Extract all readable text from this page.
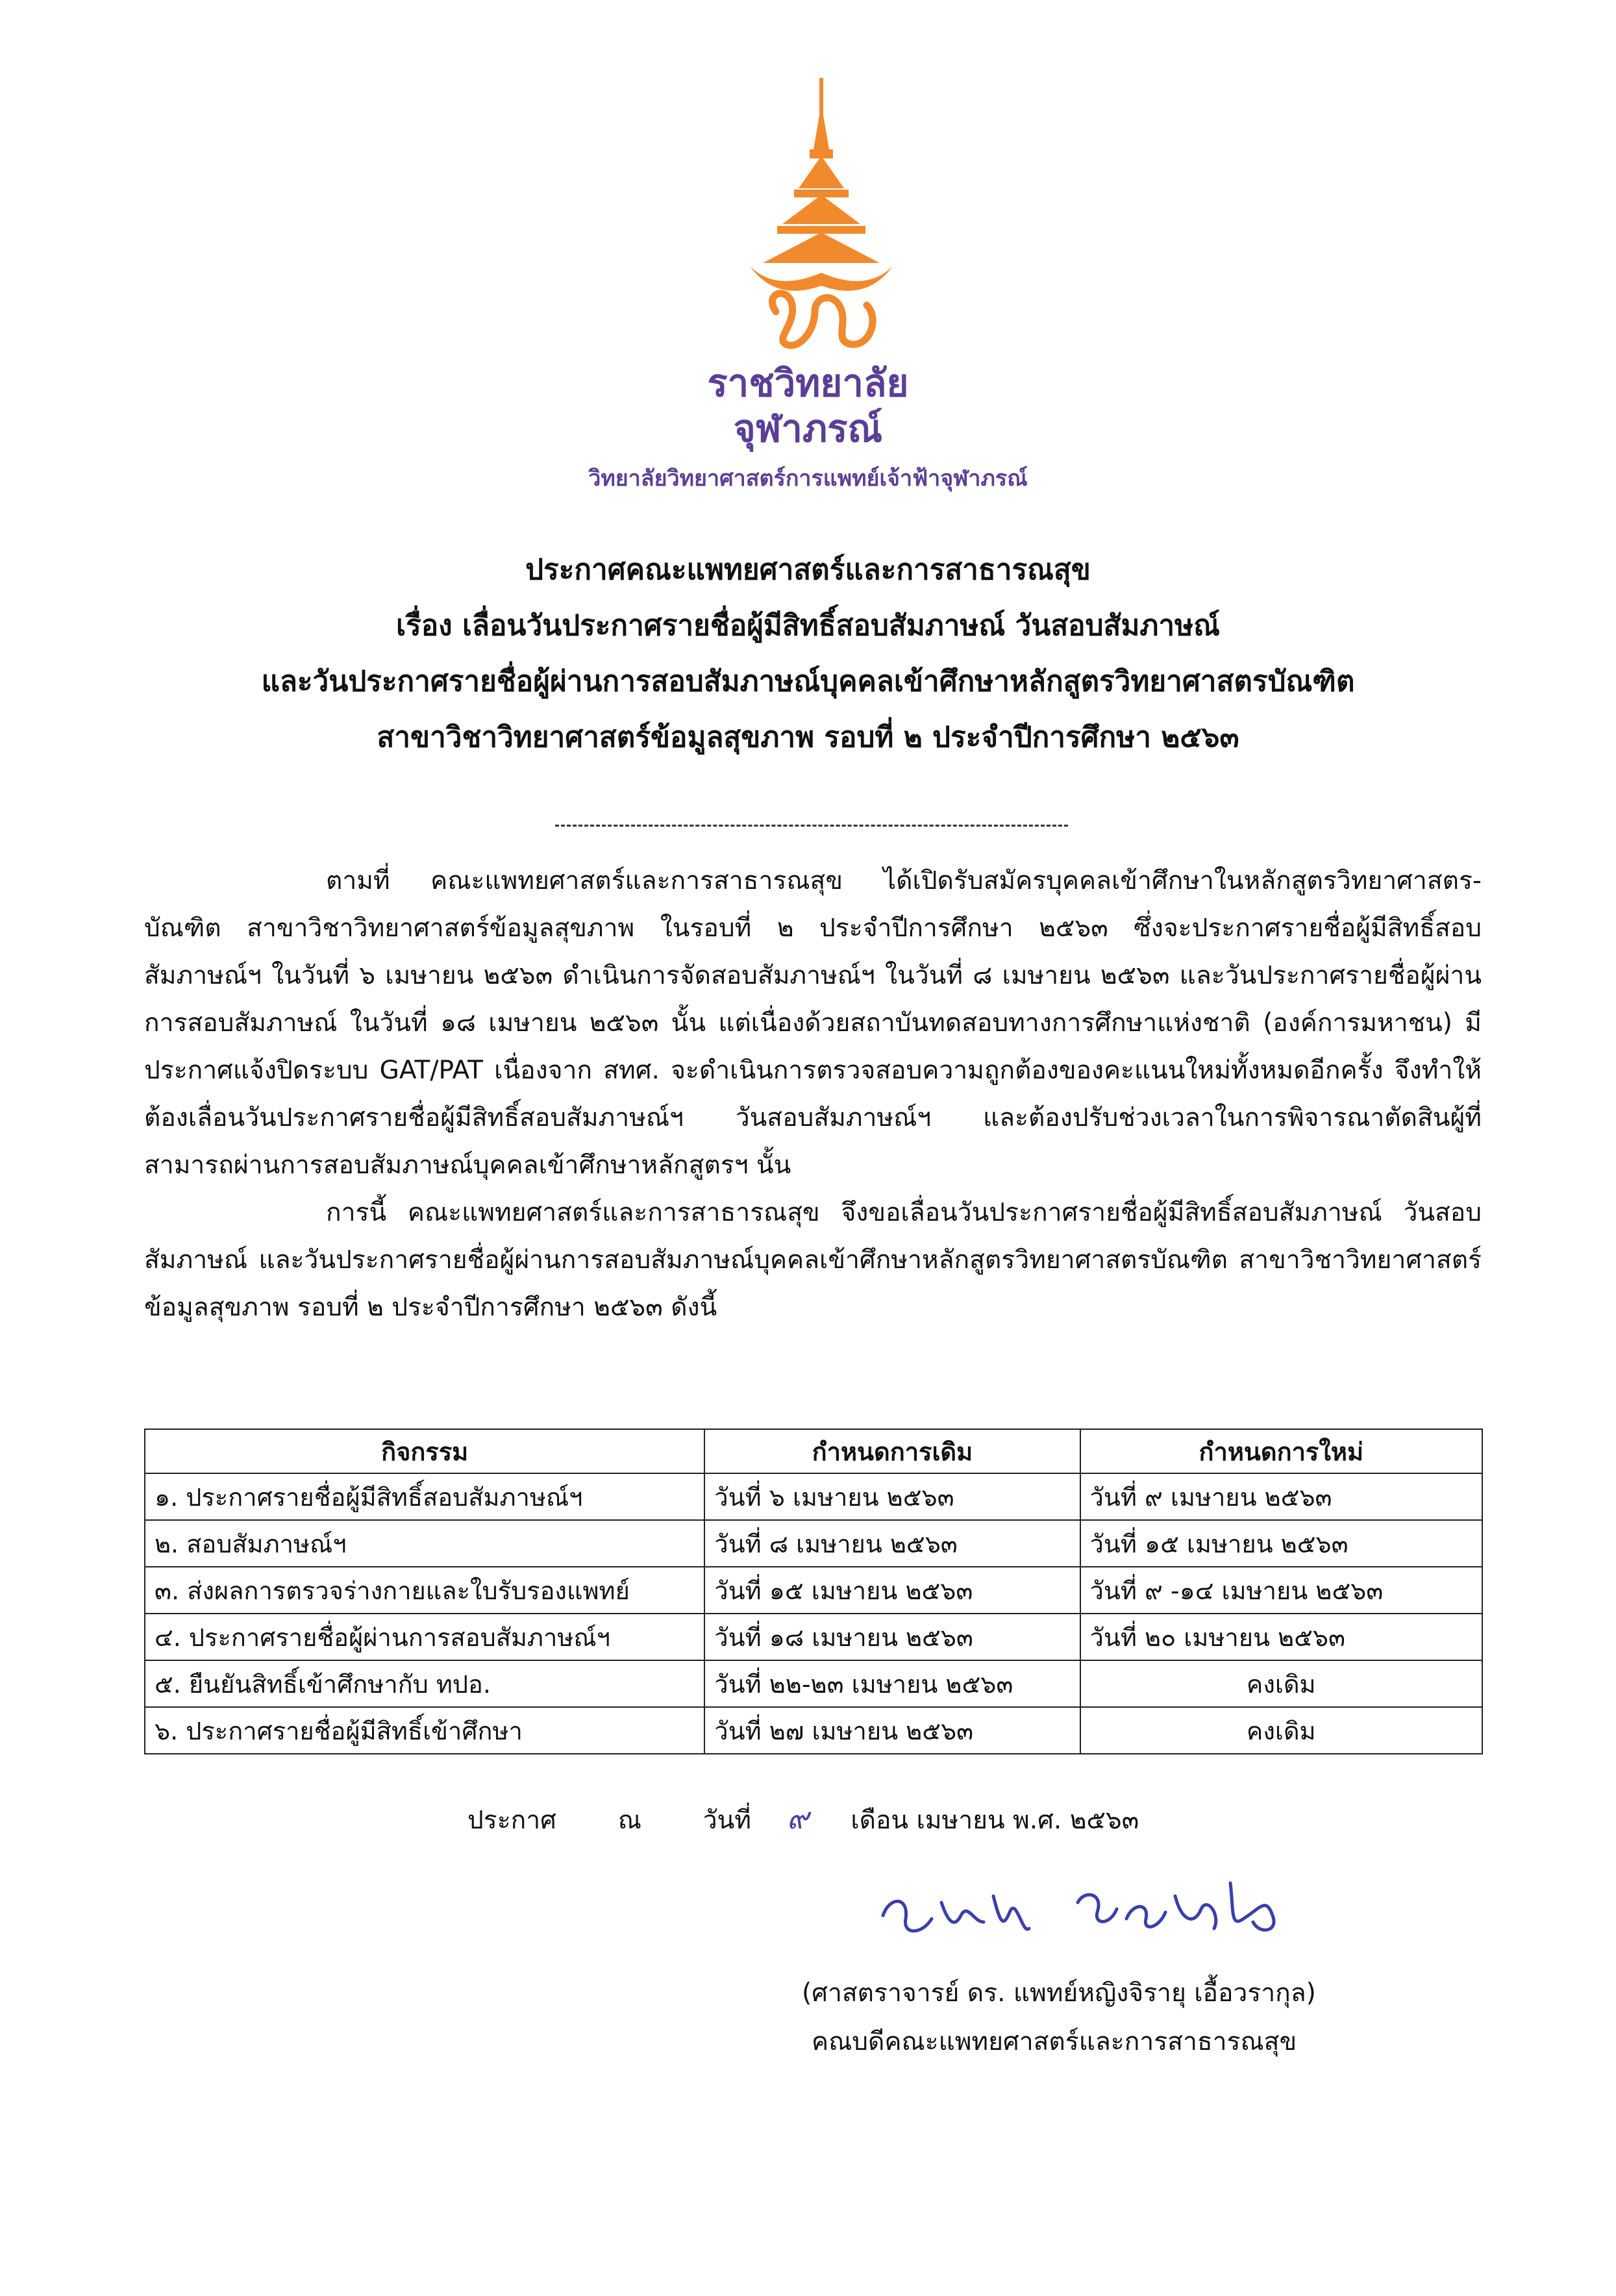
ราชวิทยาลัย
จุฬาภรณ์
วิทยาลัยวิทยาศาสตร์การแพทย์เจ้าฟ้าจุฬาภรณ์
ประกาศคณะแพทยศาสตร์และการสาธารณสุข
เรื่อง เลื่อนวันประกาศรายชื่อผู้มีสิทธิ์สอบสัมภาษณ์ วันสอบสัมภาษณ์
และวันประกาศรายชื่อผู้ผ่านการสอบสัมภาษณ์บุคคลเข้าศึกษาหลักสูตรวิทยาศาสตรบัณฑิต
สาขาวิชาวิทยาศาสตร์ข้อมูลสุขภาพ รอบที่ ๒ ประจำปีการศึกษา ๒๕๖๓

ตามที่ คณะแพทยศาสตร์และการสาธารณสุข ได้เปิดรับสมัครบุคคลเข้าศึกษาในหลักสูตรวิทยาศาสตร-บัณฑิต สาขาวิชาวิทยาศาสตร์ข้อมูลสุขภาพ ในรอบที่ ๒ ประจำปีการศึกษา ๒๕๖๓ ซึ่งจะประกาศรายชื่อผู้มีสิทธิ์สอบสัมภาษณ์ฯ ในวันที่ ๖ เมษายน ๒๕๖๓ ดำเนินการจัดสอบสัมภาษณ์ฯ ในวันที่ ๘ เมษายน ๒๕๖๓ และวันประกาศรายชื่อผู้ผ่านการสอบสัมภาษณ์ ในวันที่ ๑๘ เมษายน ๒๕๖๓ นั้น แต่เนื่องด้วยสถาบันทดสอบทางการศึกษาแห่งชาติ (องค์การมหาชน) มีประกาศแจ้งปิดระบบ GAT/PAT เนื่องจาก สทศ. จะดำเนินการตรวจสอบความถูกต้องของคะแนนใหม่ทั้งหมดอีกครั้ง จึงทำให้ต้องเลื่อนวันประกาศรายชื่อผู้มีสิทธิ์สอบสัมภาษณ์ฯ วันสอบสัมภาษณ์ฯ และต้องปรับช่วงเวลาในการพิจารณาตัดสินผู้ที่สามารถผ่านการสอบสัมภาษณ์บุคคลเข้าศึกษาหลักสูตรฯ นั้น

การนี้ คณะแพทยศาสตร์และการสาธารณสุข จึงขอเลื่อนวันประกาศรายชื่อผู้มีสิทธิ์สอบสัมภาษณ์ วันสอบสัมภาษณ์ และวันประกาศรายชื่อผู้ผ่านการสอบสัมภาษณ์บุคคลเข้าศึกษาหลักสูตรวิทยาศาสตรบัณฑิต สาขาวิชาวิทยาศาสตร์ข้อมูลสุขภาพ รอบที่ ๒ ประจำปีการศึกษา ๒๕๖๓ ดังนี้

กิจกรรม	กำหนดการเดิม	กำหนดการใหม่
๑. ประกาศรายชื่อผู้มีสิทธิ์สอบสัมภาษณ์ฯ	วันที่ ๖ เมษายน ๒๕๖๓	วันที่ ๙ เมษายน ๒๕๖๓
๒. สอบสัมภาษณ์ฯ	วันที่ ๘ เมษายน ๒๕๖๓	วันที่ ๑๕ เมษายน ๒๕๖๓
๓. ส่งผลการตรวจร่างกายและใบรับรองแพทย์	วันที่ ๑๕ เมษายน ๒๕๖๓	วันที่ ๙ -๑๔ เมษายน ๒๕๖๓
๔. ประกาศรายชื่อผู้ผ่านการสอบสัมภาษณ์ฯ	วันที่ ๑๘ เมษายน ๒๕๖๓	วันที่ ๒๐ เมษายน ๒๕๖๓
๕. ยืนยันสิทธิ์เข้าศึกษากับ ทปอ.	วันที่ ๒๒-๒๓ เมษายน ๒๕๖๓	คงเดิม
๖. ประกาศรายชื่อผู้มีสิทธิ์เข้าศึกษา	วันที่ ๒๗ เมษายน ๒๕๖๓	คงเดิม
ประกาศ ณ วันที่ ๙ เดือน เมษายน พ.ศ. ๒๕๖๓
(ศาสตราจารย์ ดร. แพทย์หญิงจิรายุ เอื้อวรากุล)
คณบดีคณะแพทยศาสตร์และการสาธารณสุข
